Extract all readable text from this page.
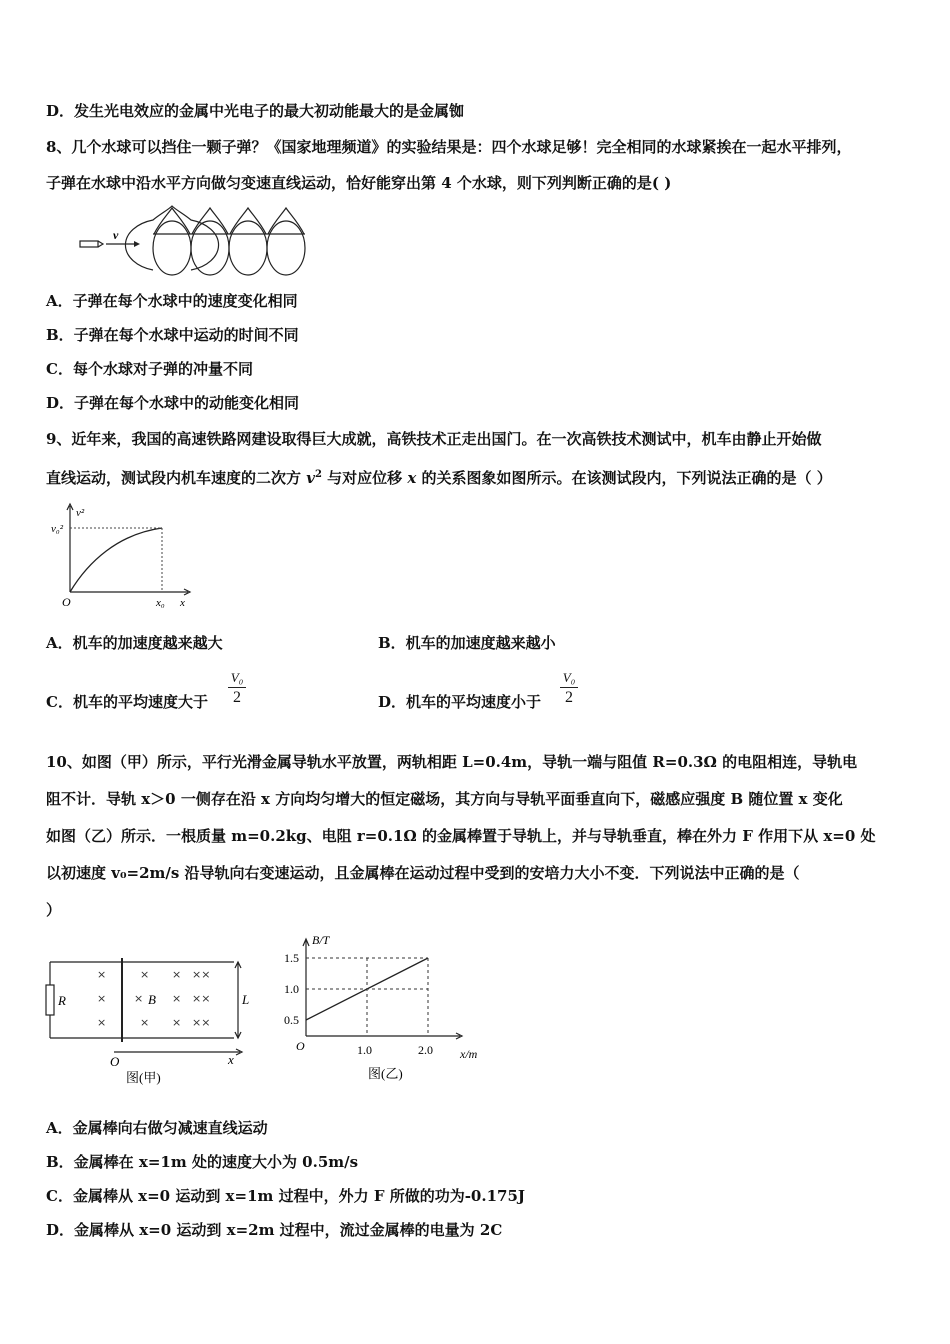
D．发生光电效应的金属中光电子的最大初动能最大的是金属铷
8、几个水球可以挡住一颗子弹？《国家地理频道》的实验结果是：四个水球足够！完全相同的水球紧挨在一起水平排列，
子弹在水球中沿水平方向做匀变速直线运动，恰好能穿出第 4 个水球，则下列判断正确的是( )
v
A．子弹在每个水球中的速度变化相同
B．子弹在每个水球中运动的时间不同
C．每个水球对子弹的冲量不同
D．子弹在每个水球中的动能变化相同
9、近年来，我国的高速铁路网建设取得巨大成就，高铁技术正走出国门。在一次高铁技术测试中，机车由静止开始做
直线运动，测试段内机车速度的二次方 $v^2$ 与对应位移 x 的关系图象如图所示。在该测试段内，下列说法正确的是（ ）
v²
v₀²
x₀ x
O
A．机车的加速度越来越大	B．机车的加速度越来越小
C．机车的平均速度大于
V₀
2	D．机车的平均速度小于
V₀
2
10、如图（甲）所示，平行光滑金属导轨水平放置，两轨相距 L=0.4m，导轨一端与阻值 R=0.3Ω 的电阻相连，导轨电
阻不计．导轨 x＞0 一侧存在沿 x 方向均匀增大的恒定磁场，其方向与导轨平面垂直向下，磁感应强度 B 随位置 x 变化
如图（乙）所示．一根质量 m=0.2kg、电阻 r=0.1Ω 的金属棒置于导轨上，并与导轨垂直，棒在外力 F 作用下从 x=0 处
以初速度 v₀=2m/s 沿导轨向右变速运动，且金属棒在运动过程中受到的安培力大小不变．下列说法中正确的是（
）
×
×
×
×
×
×
×
×
××
××
××
×
R	B	L
O	x
图(甲)
B/T
1.5
1.0
0.5
O	1.0	2.0 x/m
图(乙)
A．金属棒向右做匀减速直线运动
B．金属棒在 x=1m 处的速度大小为 0.5m/s
C．金属棒从 x=0 运动到 x=1m 过程中，外力 F 所做的功为-0.175J
D．金属棒从 x=0 运动到 x=2m 过程中，流过金属棒的电量为 2C
